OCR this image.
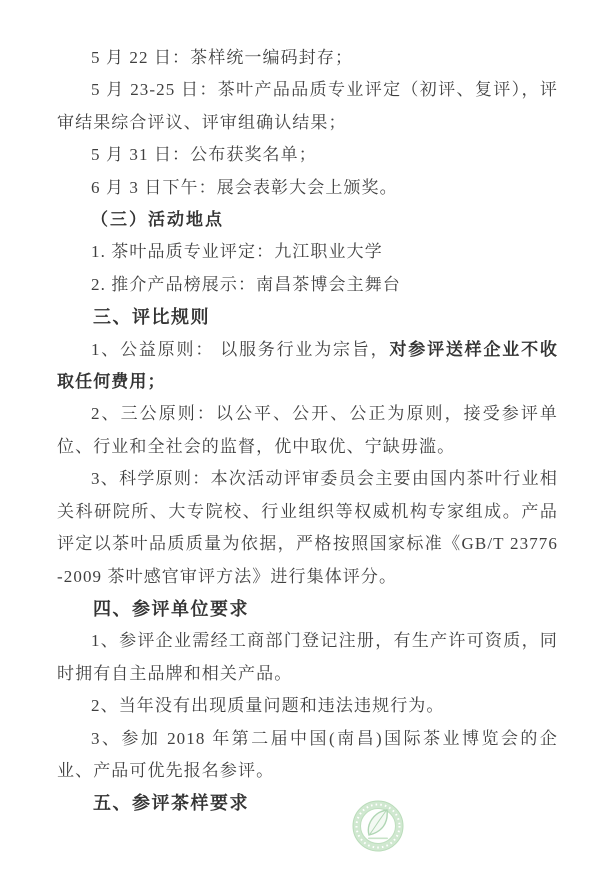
5 月 22 日：茶样统一编码封存；

5 月 23-25 日：茶叶产品品质专业评定（初评、复评），评审结果综合评议、评审组确认结果；

5 月 31 日：公布获奖名单；

6 月 3 日下午：展会表彰大会上颁奖。

（三）活动地点

1. 茶叶品质专业评定：九江职业大学

2. 推介产品榜展示：南昌茶博会主舞台

三、评比规则

1、公益原则： 以服务行业为宗旨，对参评送样企业不收取任何费用；

2、三公原则：以公平、公开、公正为原则，接受参评单位、行业和全社会的监督，优中取优、宁缺毋滥。

3、科学原则：本次活动评审委员会主要由国内茶叶行业相关科研院所、大专院校、行业组织等权威机构专家组成。产品评定以茶叶品质质量为依据，严格按照国家标准《GB/T 23776-2009 茶叶感官审评方法》进行集体评分。

四、参评单位要求

1、参评企业需经工商部门登记注册，有生产许可资质，同时拥有自主品牌和相关产品。

2、当年没有出现质量问题和违法违规行为。

3、参加 2018 年第二届中国(南昌)国际茶业博览会的企业、产品可优先报名参评。

五、参评茶样要求
